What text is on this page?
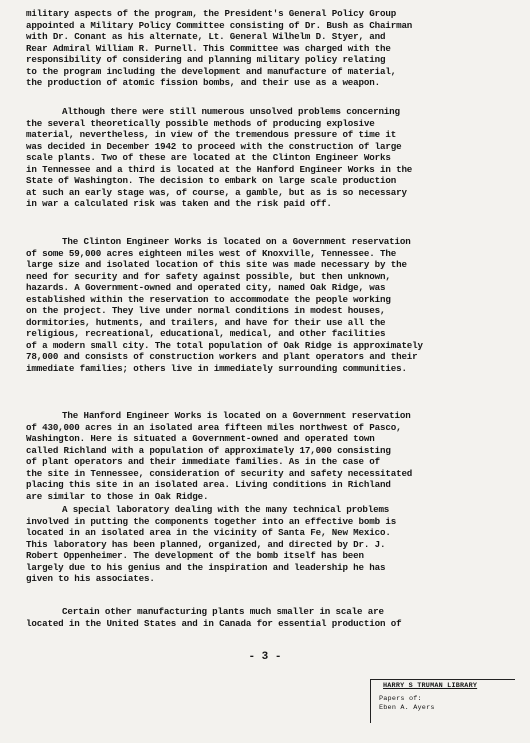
military aspects of the program, the President's General Policy Group
appointed a Military Policy Committee consisting of Dr. Bush as Chairman
with Dr. Conant as his alternate, Lt. General Wilhelm D. Styer, and
Rear Admiral William R. Purnell. This Committee was charged with the
responsibility of considering and planning military policy relating
to the program including the development and manufacture of material,
the production of atomic fission bombs, and their use as a weapon.

Although there were still numerous unsolved problems concerning
the several theoretically possible methods of producing explosive
material, nevertheless, in view of the tremendous pressure of time it
was decided in December 1942 to proceed with the construction of large
scale plants. Two of these are located at the Clinton Engineer Works
in Tennessee and a third is located at the Hanford Engineer Works in the
State of Washington. The decision to embark on large scale production
at such an early stage was, of course, a gamble, but as is so necessary
in war a calculated risk was taken and the risk paid off.

The Clinton Engineer Works is located on a Government reservation
of some 59,000 acres eighteen miles west of Knoxville, Tennessee. The
large size and isolated location of this site was made necessary by the
need for security and for safety against possible, but then unknown,
hazards. A Government-owned and operated city, named Oak Ridge, was
established within the reservation to accommodate the people working
on the project. They live under normal conditions in modest houses,
dormitories, hutments, and trailers, and have for their use all the
religious, recreational, educational, medical, and other facilities
of a modern small city. The total population of Oak Ridge is approximately
78,000 and consists of construction workers and plant operators and their
immediate families; others live in immediately surrounding communities.

The Hanford Engineer Works is located on a Government reservation
of 430,000 acres in an isolated area fifteen miles northwest of Pasco,
Washington. Here is situated a Government-owned and operated town
called Richland with a population of approximately 17,000 consisting
of plant operators and their immediate families. As in the case of
the site in Tennessee, consideration of security and safety necessitated
placing this site in an isolated area. Living conditions in Richland
are similar to those in Oak Ridge.

A special laboratory dealing with the many technical problems
involved in putting the components together into an effective bomb is
located in an isolated area in the vicinity of Santa Fe, New Mexico.
This laboratory has been planned, organized, and directed by Dr. J.
Robert Oppenheimer. The development of the bomb itself has been
largely due to his genius and the inspiration and leadership he has
given to his associates.

Certain other manufacturing plants much smaller in scale are
located in the United States and in Canada for essential production of

- 3 -
HARRY S TRUMAN LIBRARY
Papers of:
Eben A. Ayers
